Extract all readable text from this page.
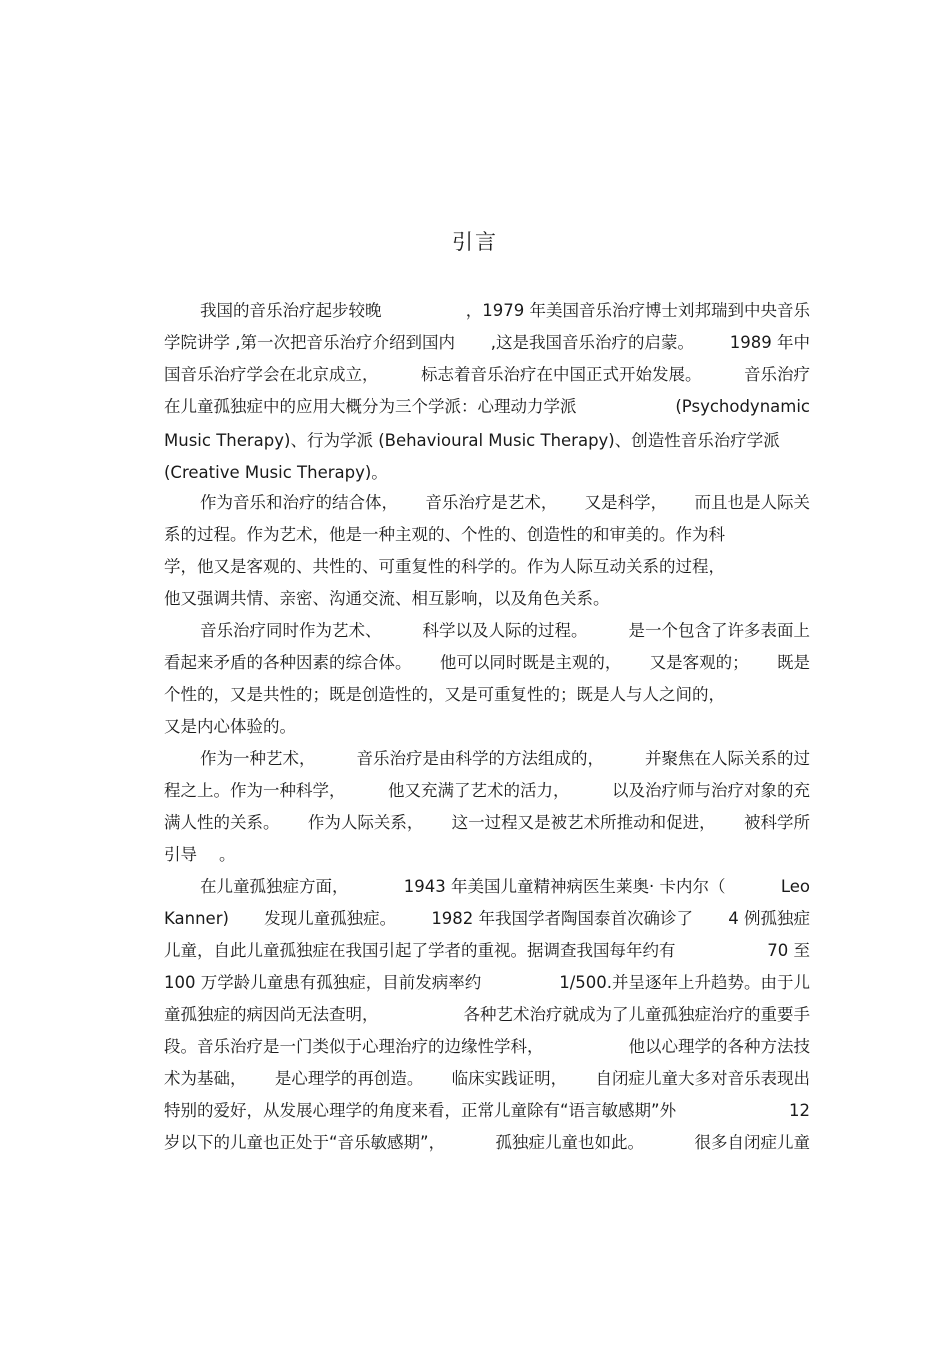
引言
我国的音乐治疗起步较晚	，1979 年美国音乐治疗博士刘邦瑞到中央音乐
学院讲学 ,第一次把音乐治疗介绍到国内 ,这是我国音乐治疗的启蒙。 1989 年中
国音乐治疗学会在北京成立，	标志着音乐治疗在中国正式开始发展。	音乐治疗
在儿童孤独症中的应用大概分为三个学派：心理动力学派	(Psychodynamic
Music Therapy)、行为学派 (Behavioural Music Therapy)、创造性音乐治疗学派
(Creative Music Therapy)。
作为音乐和治疗的结合体， 音乐治疗是艺术， 又是科学， 而且也是人际关
系的过程。作为艺术，他是一种主观的、个性的、创造性的和审美的。作为科
学，他又是客观的、共性的、可重复性的科学的。作为人际互动关系的过程，
他又强调共情、亲密、沟通交流、相互影响，以及角色关系。
音乐治疗同时作为艺术、 科学以及人际的过程。 是一个包含了许多表面上
看起来矛盾的各种因素的综合体。 他可以同时既是主观的， 又是客观的； 既是
个性的，又是共性的；既是创造性的，又是可重复性的；既是人与人之间的，
又是内心体验的。
作为一种艺术， 音乐治疗是由科学的方法组成的， 并聚焦在人际关系的过
程之上。作为一种科学，	他又充满了艺术的活力，	以及治疗师与治疗对象的充
满人性的关系。 作为人际关系， 这一过程又是被艺术所推动和促进， 被科学所
引导 。
在儿童孤独症方面，	1943 年美国儿童精神病医生莱奥· 卡内尔（	Leo
Kanner) 发现儿童孤独症。 1982 年我国学者陶国泰首次确诊了 4 例孤独症
儿童，自此儿童孤独症在我国引起了学者的重视。据调查我国每年约有	70 至
100 万学龄儿童患有孤独症，目前发病率约	1/500.并呈逐年上升趋势。由于儿
童孤独症的病因尚无法查明，	各种艺术治疗就成为了儿童孤独症治疗的重要手
段。音乐治疗是一门类似于心理治疗的边缘性学科，	他以心理学的各种方法技
术为基础， 是心理学的再创造。 临床实践证明， 自闭症儿童大多对音乐表现出
特别的爱好，从发展心理学的角度来看，正常儿童除有“语言敏感期”外	12
岁以下的儿童也正处于“音乐敏感期”，	孤独症儿童也如此。	很多自闭症儿童
